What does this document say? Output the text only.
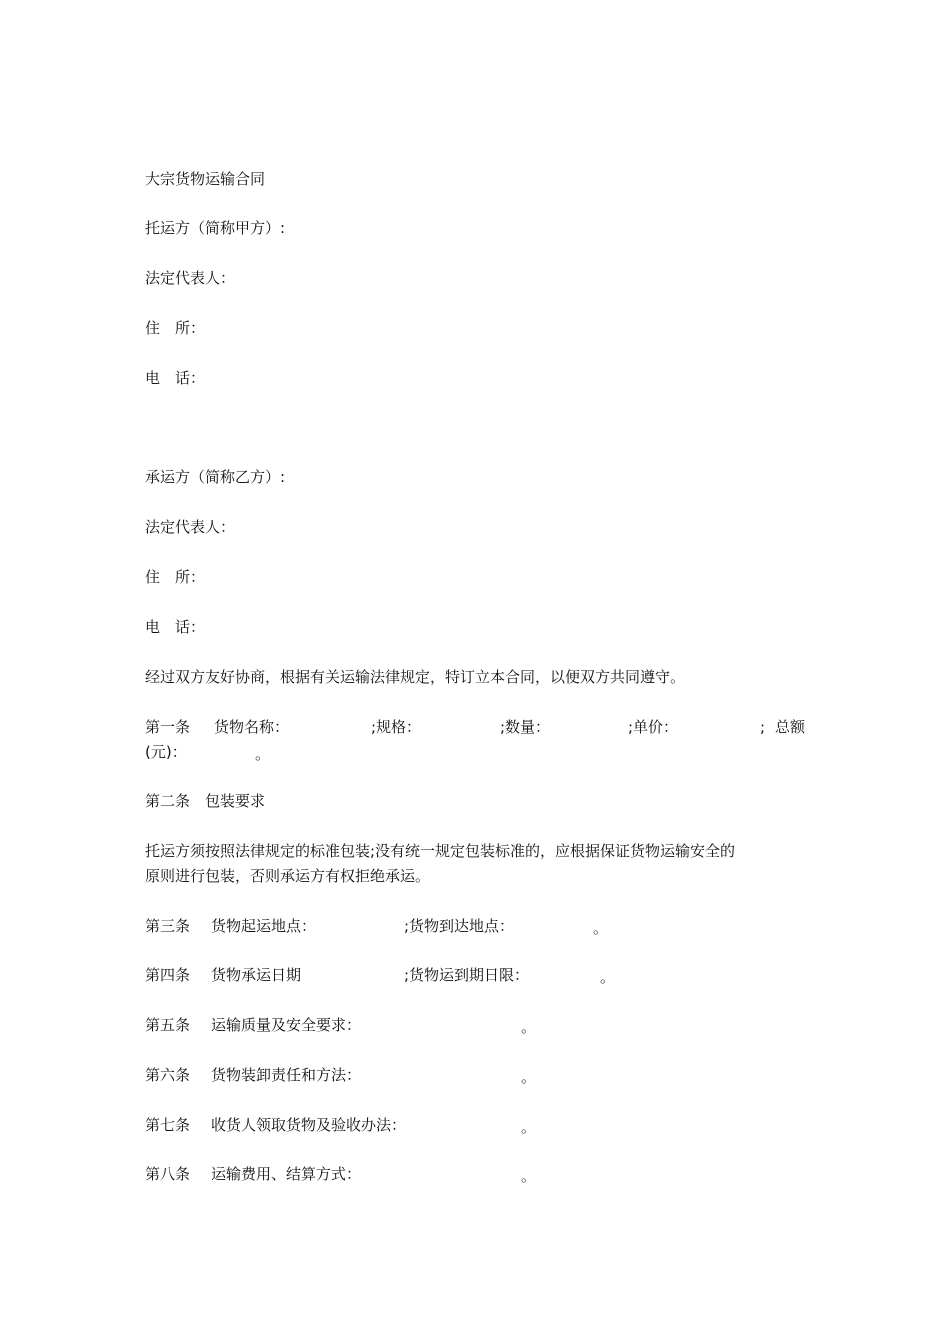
大宗货物运输合同
托运方（简称甲方）:
法定代表人：
住　所：
电　话：
承运方（简称乙方）:
法定代表人：
住　所：
电　话：
经过双方友好协商，根据有关运输法律规定，特订立本合同，以便双方共同遵守。
第一条 货物名称：	;规格：	;数量：	;单价：	; 总额
(元)：	。
第二条　包装要求
托运方须按照法律规定的标准包装;没有统一规定包装标准的，应根据保证货物运输安全的
原则进行包装，否则承运方有权拒绝承运。
第三条 货物起运地点：	;货物到达地点：	。
第四条 货物承运日期	;货物运到期日限：	。
第五条 运输质量及安全要求：	。
第六条 货物装卸责任和方法：	。
第七条 收货人领取货物及验收办法：	。
第八条 运输费用、结算方式：	。
